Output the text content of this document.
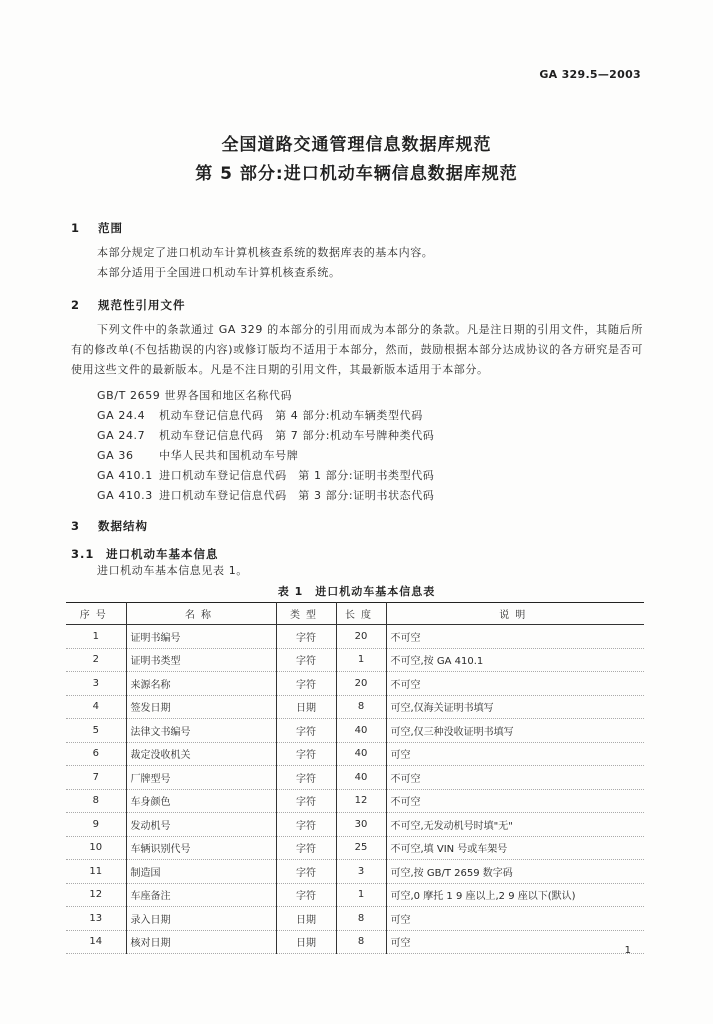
GA 329.5—2003
全国道路交通管理信息数据库规范
第 5 部分:进口机动车辆信息数据库规范
1 范围
本部分规定了进口机动车计算机核查系统的数据库表的基本内容。
本部分适用于全国进口机动车计算机核查系统。
2 规范性引用文件
下列文件中的条款通过 GA 329 的本部分的引用而成为本部分的条款。凡是注日期的引用文件，其随后所有的修改单(不包括勘误的内容)或修订版均不适用于本部分，然而，鼓励根据本部分达成协议的各方研究是否可使用这些文件的最新版本。凡是不注日期的引用文件，其最新版本适用于本部分。
GB/T 2659 世界各国和地区名称代码
GA 24.4 机动车登记信息代码　第 4 部分:机动车辆类型代码
GA 24.7 机动车登记信息代码　第 7 部分:机动车号牌种类代码
GA 36 中华人民共和国机动车号牌
GA 410.1 进口机动车登记信息代码　第 1 部分:证明书类型代码
GA 410.3 进口机动车登记信息代码　第 3 部分:证明书状态代码
3 数据结构
3.1 进口机动车基本信息
进口机动车基本信息见表 1。
表 1　进口机动车基本信息表
序号	名称	类型	长度	说明
1	证明书编号	字符	20	不可空
2	证明书类型	字符	1	不可空,按 GA 410.1
3	来源名称	字符	20	不可空
4	签发日期	日期	8	可空,仅海关证明书填写
5	法律文书编号	字符	40	可空,仅三种没收证明书填写
6	裁定没收机关	字符	40	可空
7	厂牌型号	字符	40	不可空
8	车身颜色	字符	12	不可空
9	发动机号	字符	30	不可空,无发动机号时填"无"
10	车辆识别代号	字符	25	不可空,填 VIN 号或车架号
11	制造国	字符	3	可空,按 GB/T 2659 数字码
12	车座备注	字符	1	可空,0 摩托 1 9 座以上,2 9 座以下(默认)
13	录入日期	日期	8	可空
14	核对日期	日期	8	可空
1
